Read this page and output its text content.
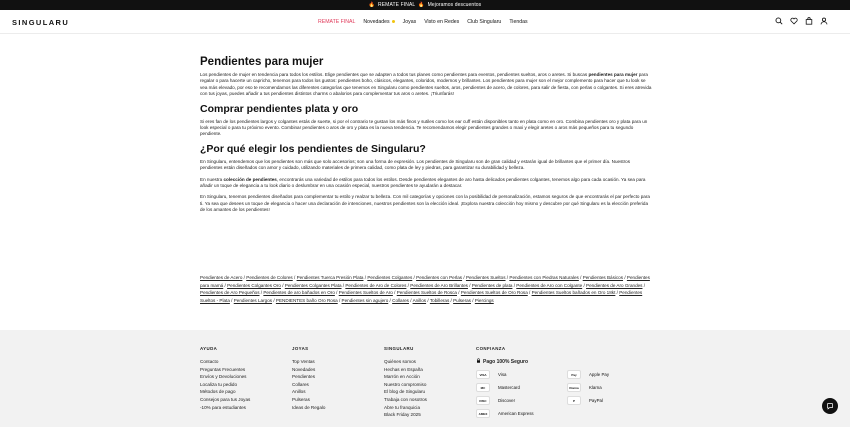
🔥 REMATE FINAL 🔥 Mejoramos descuentos
SINGULARU	REMATE FINAL Novedades	Joyas Visto en Redes Club Singularu Tiendas
Pendientes para mujer

Los pendientes de mujer en tendencia para todos los estilos. Elige pendientes que se adapten a todos tus planes como pendientes para eventos, pendientes sueltos, aros o aretes. Si buscas pendientes para mujer para regalar o para hacerte un capricho, tenemos para todos los gustos: pendientes boho, clásicos, elegantes, coloridos, modernos y brillantes. Los pendientes para mujer son el mejor complemento para hacer que tu look se vea más elevado, por eso te recomendamos las diferentes categorías que tenemos en Singularu como pendientes sueltos, aros, pendientes de acero, de colores, para salir de fiesta, con perlas o colgantes. Si eres atrevida con tus joyas, puedes añadir a tus pendientes distintos charms o abalorios para complementar tus aros o aretes. ¡Triunfarás!

Comprar pendientes plata y oro

Si eres fan de los pendientes largos y colgantes estás de suerte, si por el contrario te gustan los más finos y sutiles como los ear cuff están disponibles tanto en plata como en oro. Combina pendientes oro y plata para un look especial o para tu próximo evento. Combinar pendientes o aros de oro y plata es la nueva tendencia. Te recomendamos elegir pendientes grandes o maxi y elegir aretes o aros más pequeños para tu segundo pendiente.

¿Por qué elegir los pendientes de Singularu?

En Singularu, entendemos que los pendientes son más que solo accesorios; son una forma de expresión. Los pendientes de Singularu son de gran calidad y estarán igual de brillantes que el primer día. Nuestros pendientes están diseñados con amor y cuidado, utilizando materiales de primera calidad, como plata de ley y piedras, para garantizar su durabilidad y belleza.

En nuestra colección de pendientes, encontrarás una variedad de estilos para todos los estilos. Desde pendientes elegantes de aro hasta delicados pendientes colgantes, tenemos algo para cada ocasión. Ya sea para añadir un toque de elegancia a tu look diario o deslumbrar en una ocasión especial, nuestros pendientes te ayudarán a destacar.

En Singularu, tenemos pendientes diseñados para complementar tu estilo y realzar tu belleza. Con mil categorías y opciones con la posibilidad de personalización, estamos seguros de que encontrarás el par perfecto para ti. Ya sea que desees un toque de elegancia o hacer una declaración de intenciones, nuestros pendientes son la elección ideal. ¡Explora nuestra colección hoy mismo y descubre por qué Singularu es la elección preferida de los amantes de los pendientes!

Pendientes de Acero / Pendientes de Colores / Pendientes Tuerca Presión Plata / Pendientes Colgantes / Pendientes con Perlas / Pendientes Sueltos / Pendientes con Piedras Naturales / Pendientes Básicos / Pendientes para mamá / Pendientes Colgantes Oro / Pendientes Colgantes Plata / Pendientes de Aro de Colores / Pendientes de Aro Brillantes / Pendientes de plata / Pendientes de Aro con Colgante / Pendientes de Aro Grandes / Pendientes de Aro Pequeños / Pendientes de aro bañados en Oro / Pendientes Sueltos de Aro / Pendientes Sueltos de Rosca / Pendientes Sueltos de Oro Rosa / Pendientes Sueltos bañados en Oro 18kt / Pendientes Sueltos - Plata / Pendientes Largos / PENDIENTES baño Oro Rosa / Pendientes sin agujero / Collares / Anillos / Tobilleras / Pulseras / Piercings
AYUDA
Contacto
Preguntas Frecuentes
Envíos y Devoluciones
Localiza tu pedido
Métodos de pago
Consejos para tus Joyas
-10% para estudiantes
JOYAS
Top Ventas
Novedades
Pendientes
Collares
Anillos
Pulseras
Ideas de Regalo
SINGULARU
Quiénes somos
Hechas en España
Marrón en Acción
Nuestro compromiso
El blog de Singularu
Trabaja con nosotros
Abre tu franquicia
Black Friday 2025
CONFIANZA
Pago 100% Seguro
VISA	Visa
MC	Mastercard
DISC	Discover
AMEX	American Express
Pay	Apple Pay
Klarna	Klarna
P	PayPal
